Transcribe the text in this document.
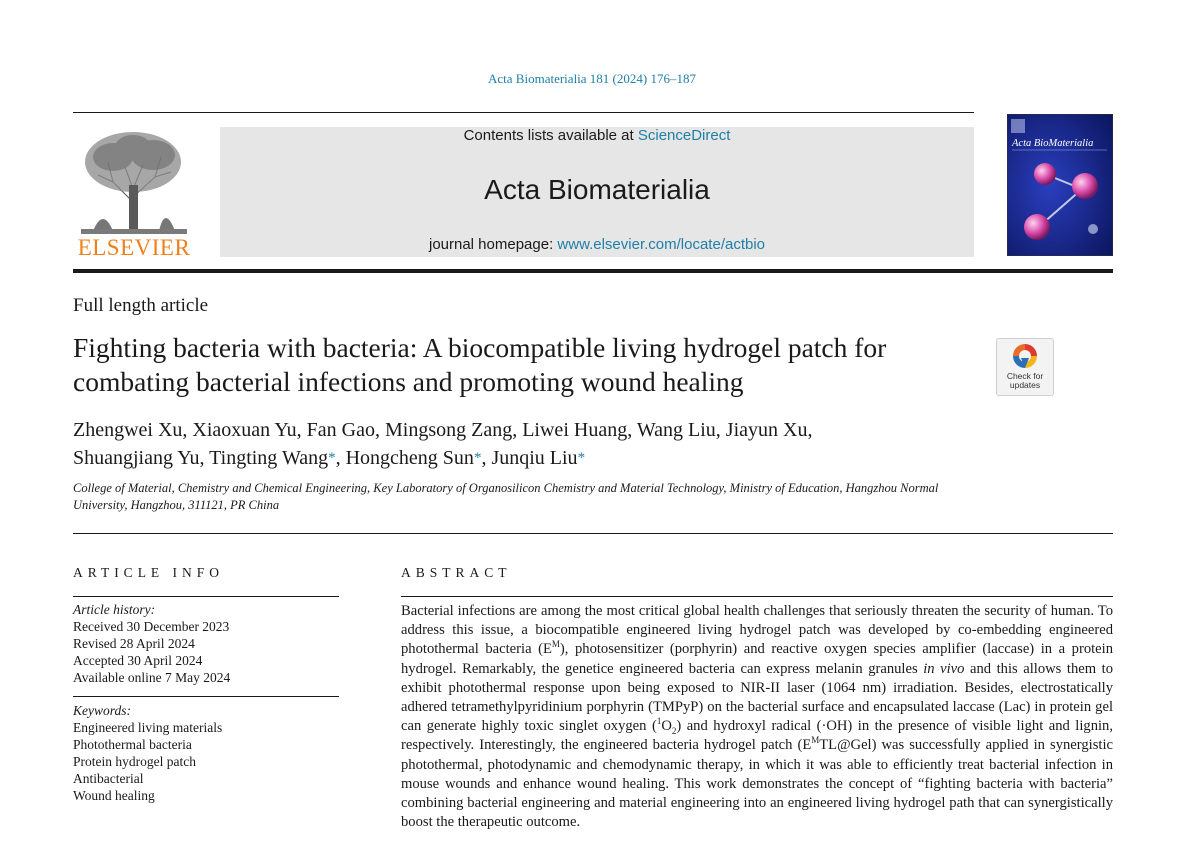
Acta Biomaterialia 181 (2024) 176–187
ELSEVIER
Contents lists available at ScienceDirect
Acta Biomaterialia
journal homepage: www.elsevier.com/locate/actbio
Acta BioMaterialia
Full length article
Fighting bacteria with bacteria: A biocompatible living hydrogel patch for combating bacterial infections and promoting wound healing	Check for
updates
Zhengwei Xu, Xiaoxuan Yu, Fan Gao, Mingsong Zang, Liwei Huang, Wang Liu, Jiayun Xu,
Shuangjiang Yu, Tingting Wang*, Hongcheng Sun*, Junqiu Liu*
College of Material, Chemistry and Chemical Engineering, Key Laboratory of Organosilicon Chemistry and Material Technology, Ministry of Education, Hangzhou Normal University, Hangzhou, 311121, PR China
ARTICLE INFO
Article history:
Received 30 December 2023
Revised 28 April 2024
Accepted 30 April 2024
Available online 7 May 2024
Keywords:
Engineered living materials
Photothermal bacteria
Protein hydrogel patch
Antibacterial
Wound healing
ABSTRACT
Bacterial infections are among the most critical global health challenges that seriously threaten the security of human. To address this issue, a biocompatible engineered living hydrogel patch was developed by co-embedding engineered photothermal bacteria $(E^M)$, photosensitizer (porphyrin) and reactive oxygen species amplifier (laccase) in a protein hydrogel. Remarkably, the genetice engineered bacteria can express melanin granules in vivo and this allows them to exhibit photothermal response upon being exposed to NIR-II laser (1064 nm) irradiation. Besides, electrostatically adhered tetramethylpyridinium porphyrin (TMPyP) on the bacterial surface and encapsulated laccase (Lac) in protein gel can generate highly toxic singlet oxygen $(^1O_2)$ and hydroxyl radical (·OH) in the presence of visible light and lignin, respectively. Interestingly, the engineered bacteria hydrogel patch $(E^MTL@Gel)$ was successfully applied in synergistic photothermal, photodynamic and chemodynamic therapy, in which it was able to efficiently treat bacterial infection in mouse wounds and enhance wound healing. This work demonstrates the concept of “fighting bacteria with bacteria” combining bacterial engineering and material engineering into an engineered living hydrogel path that can synergistically boost the therapeutic outcome.
